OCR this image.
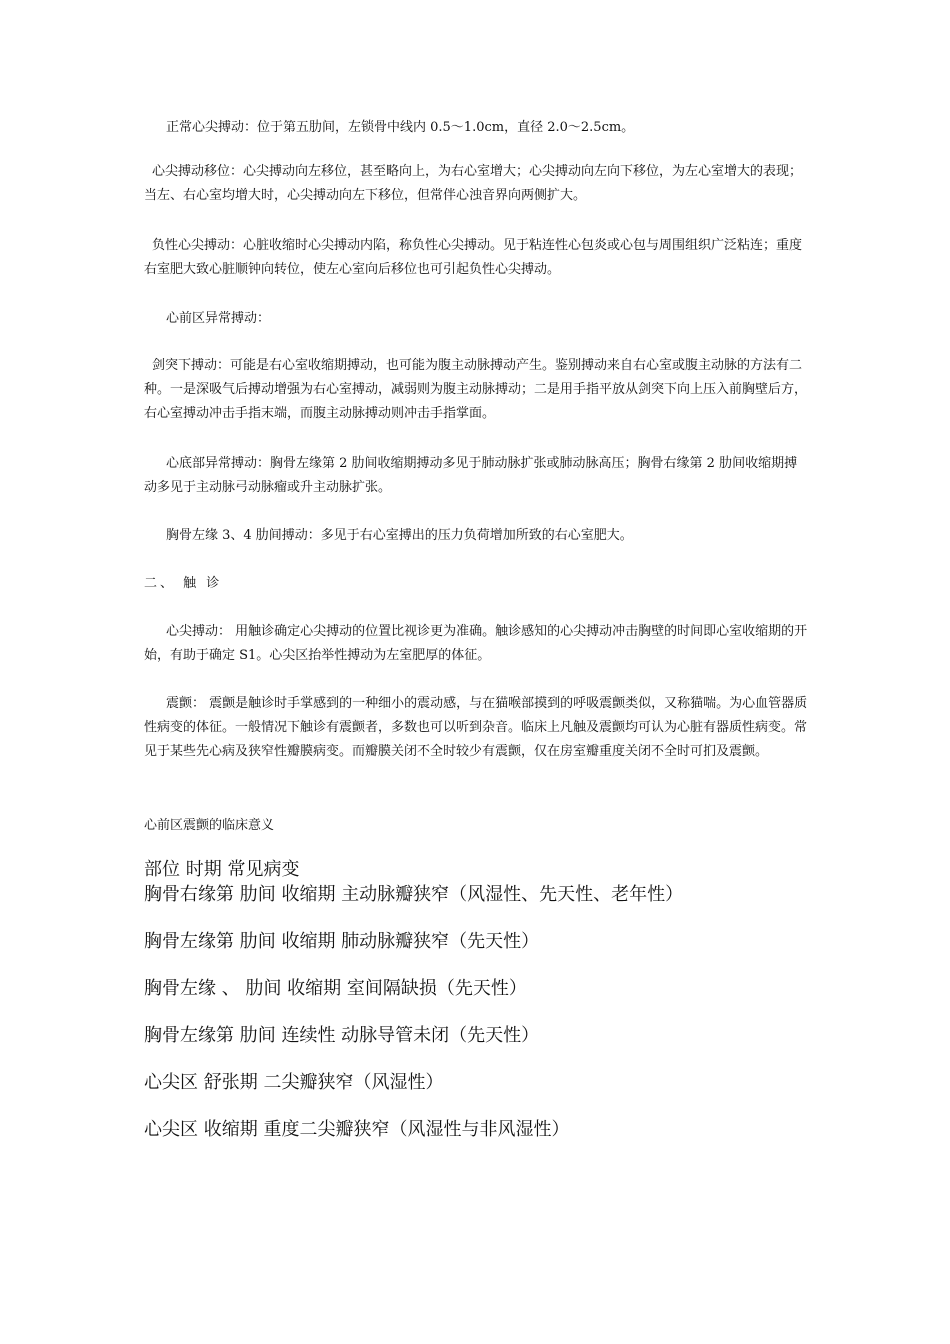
正常心尖搏动：位于第五肋间，左锁骨中线内 0.5～1.0cm，直径 2.0～2.5cm。

心尖搏动移位：心尖搏动向左移位，甚至略向上，为右心室增大；心尖搏动向左向下移位，为左心室增大的表现；当左、右心室均增大时，心尖搏动向左下移位，但常伴心浊音界向两侧扩大。

负性心尖搏动：心脏收缩时心尖搏动内陷，称负性心尖搏动。见于粘连性心包炎或心包与周围组织广泛粘连；重度右室肥大致心脏顺钟向转位，使左心室向后移位也可引起负性心尖搏动。

心前区异常搏动：

剑突下搏动：可能是右心室收缩期搏动，也可能为腹主动脉搏动产生。鉴别搏动来自右心室或腹主动脉的方法有二种。一是深吸气后搏动增强为右心室搏动，减弱则为腹主动脉搏动；二是用手指平放从剑突下向上压入前胸壁后方，右心室搏动冲击手指末端，而腹主动脉搏动则冲击手指掌面。

心底部异常搏动：胸骨左缘第 2 肋间收缩期搏动多见于肺动脉扩张或肺动脉高压；胸骨右缘第 2 肋间收缩期搏动多见于主动脉弓动脉瘤或升主动脉扩张。

胸骨左缘 3、4 肋间搏动：多见于右心室搏出的压力负荷增加所致的右心室肥大。

二、 触 诊

心尖搏动： 用触诊确定心尖搏动的位置比视诊更为准确。触诊感知的心尖搏动冲击胸壁的时间即心室收缩期的开始，有助于确定 S1。心尖区抬举性搏动为左室肥厚的体征。

震颤： 震颤是触诊时手掌感到的一种细小的震动感，与在猫喉部摸到的呼吸震颤类似，又称猫喘。为心血管器质性病变的体征。一般情况下触诊有震颤者，多数也可以听到杂音。临床上凡触及震颤均可认为心脏有器质性病变。常见于某些先心病及狭窄性瓣膜病变。而瓣膜关闭不全时较少有震颤，仅在房室瓣重度关闭不全时可扪及震颤。

心前区震颤的临床意义

部位 时期 常见病变

胸骨右缘第 肋间 收缩期 主动脉瓣狭窄（风湿性、先天性、老年性）

胸骨左缘第 肋间 收缩期 肺动脉瓣狭窄（先天性）

胸骨左缘 、 肋间 收缩期 室间隔缺损（先天性）

胸骨左缘第 肋间 连续性 动脉导管未闭（先天性）

心尖区 舒张期 二尖瓣狭窄（风湿性）

心尖区 收缩期 重度二尖瓣狭窄（风湿性与非风湿性）
